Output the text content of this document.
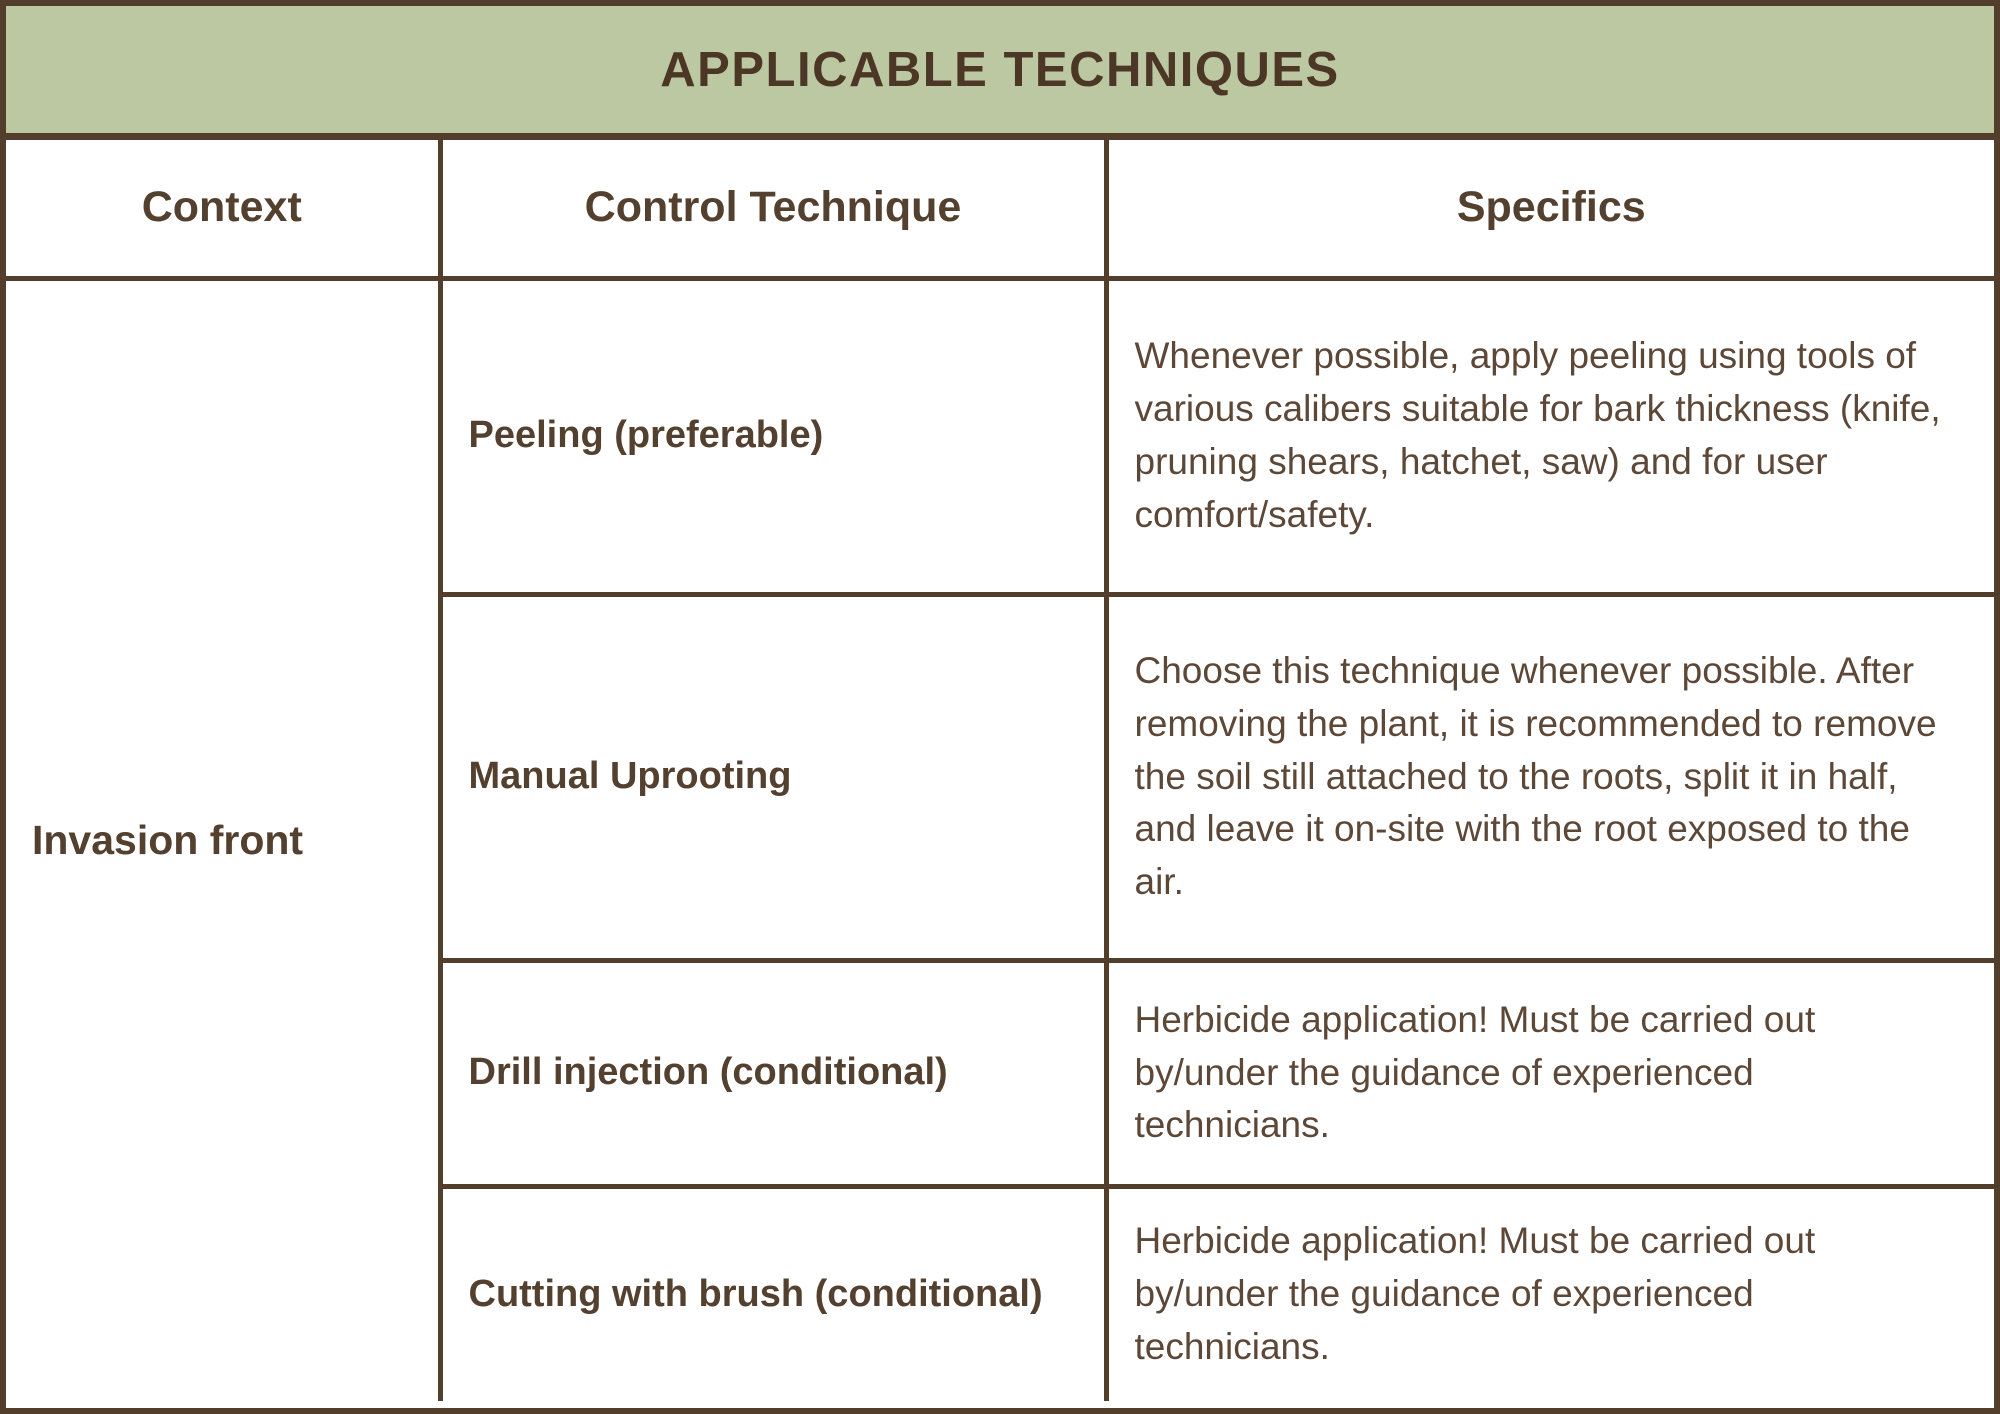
APPLICABLE TECHNIQUES
Context	Control Technique	Specifics
Invasion front	Peeling (preferable)	Whenever possible, apply peeling using tools of various calibers suitable for bark thickness (knife, pruning shears, hatchet, saw) and for user comfort/safety.
	Manual Uprooting	Choose this technique whenever possible. After removing the plant, it is recommended to remove the soil still attached to the roots, split it in half, and leave it on-site with the root exposed to the air.
	Drill injection (conditional)	Herbicide application! Must be carried out by/under the guidance of experienced technicians.
	Cutting with brush (conditional)	Herbicide application! Must be carried out by/under the guidance of experienced technicians.
